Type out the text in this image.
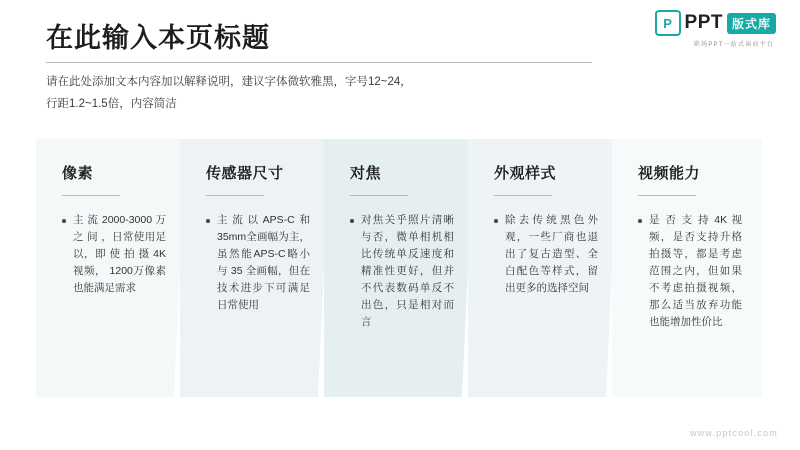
P PPT 版式库
职场PPT一站式演而平台
在此输入本页标题
请在此处添加文本内容加以解释说明，建议字体微软雅黑，字号12~24，
行距1.2~1.5倍，内容简洁
像素
主 流 2000-3000 万 之 间 ，日常使用足以，即 使 拍 摄 4K 视频， 1200万像素也能满足需求
传感器尺寸
主流以APS-C和35mm全画幅为主，虽然能APS-C略小与 35 全画幅，但在技术进步下可满足日常使用
对焦
对焦关乎照片清晰与否，微单相机相比传统单反速度和精准性更好，但并不代表数码单反不出色，只是相对而言
外观样式
除去传统黑色外观，一些厂商也退出了复古造型、全白配色等样式，留出更多的选择空间
视频能力
是 否 支 持 4K 视频，是否支持升格拍摄等，都是考虑范围之内，但如果不考虑拍摄视频，那么适当放弃功能也能增加性价比
www.pptcool.com
